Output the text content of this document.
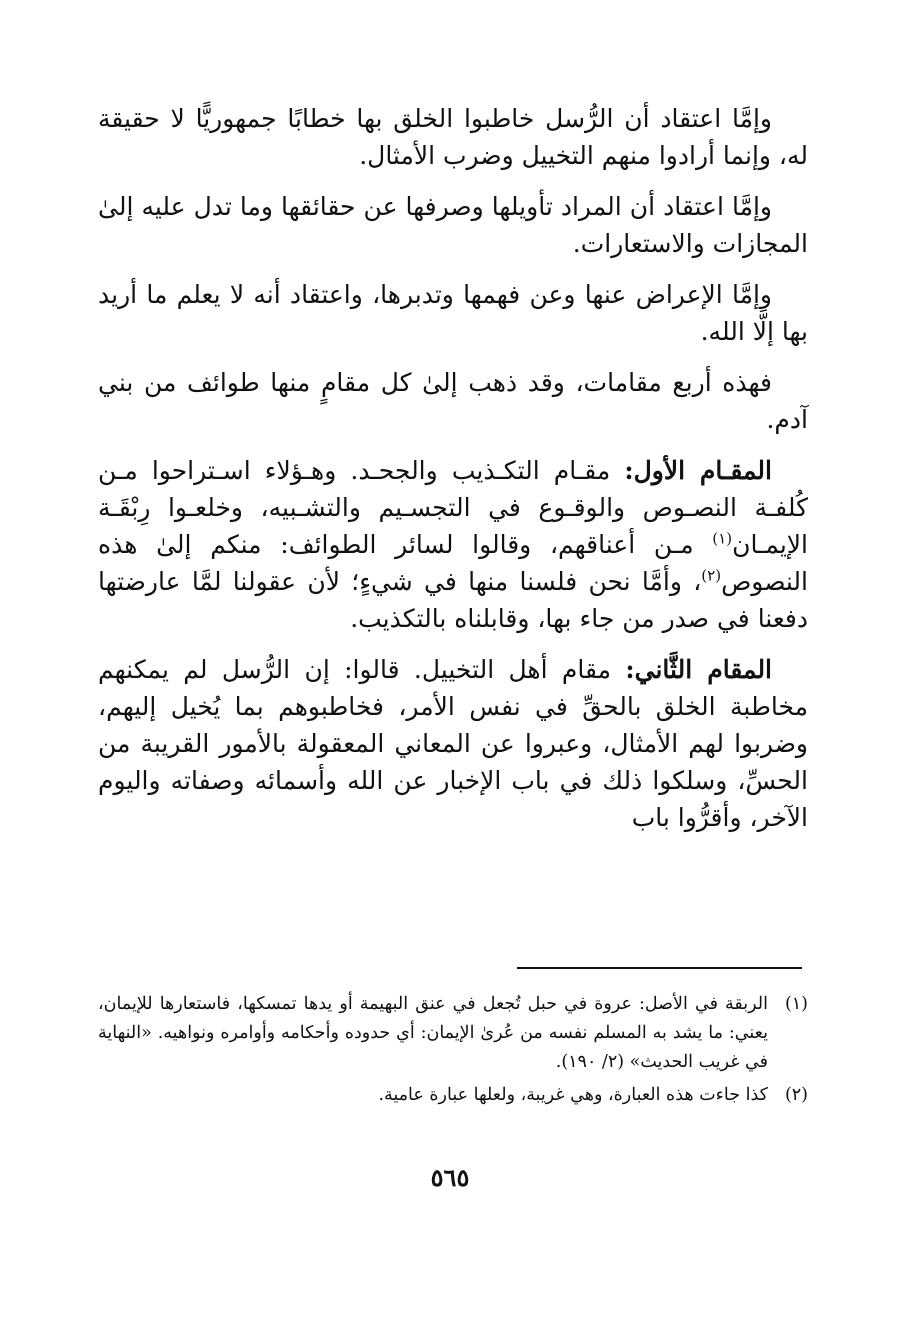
وإمَّا اعتقاد أن الرُّسل خاطبوا الخلق بها خطابًا جمهوريًّا لا حقيقة له، وإنما أرادوا منهم التخييل وضرب الأمثال.

وإمَّا اعتقاد أن المراد تأويلها وصرفها عن حقائقها وما تدل عليه إلىٰ المجازات والاستعارات.

وإمَّا الإعراض عنها وعن فهمها وتدبرها، واعتقاد أنه لا يعلم ما أريد بها إلَّا الله.

فهذه أربع مقامات، وقد ذهب إلىٰ كل مقامٍ منها طوائف من بني آدم.

المقـام الأول: مقـام التكـذيب والجحـد. وهـؤلاء اسـتراحوا مـن كُلفـة النصـوص والوقـوع في التجسـيم والتشـبيه، وخلعـوا رِبْقَـة الإيمـان$^{(١)}$ مـن أعناقهم، وقالوا لسائر الطوائف: منكم إلىٰ هذه النصوص$^{(٢)}$، وأمَّا نحن فلسنا منها في شيءٍ؛ لأن عقولنا لمَّا عارضتها دفعنا في صدر من جاء بها، وقابلناه بالتكذيب.

المقام الثَّاني: مقام أهل التخييل. قالوا: إن الرُّسل لم يمكنهم مخاطبة الخلق بالحقِّ في نفس الأمر، فخاطبوهم بما يُخيل إليهم، وضربوا لهم الأمثال، وعبروا عن المعاني المعقولة بالأمور القريبة من الحسِّ، وسلكوا ذلك في باب الإخبار عن الله وأسمائه وصفاته واليوم الآخر، وأقرُّوا باب

(١)
الربقة في الأصل: عروة في حبل تُجعل في عنق البهيمة أو يدها تمسكها، فاستعارها للإيمان، يعني: ما يشد به المسلم نفسه من عُرىٰ الإيمان: أي حدوده وأحكامه وأوامره ونواهيه. «النهاية في غريب الحديث» (٢/ ١٩٠).
(٢)
كذا جاءت هذه العبارة، وهي غريبة، ولعلها عبارة عامية.
٥٦٥
